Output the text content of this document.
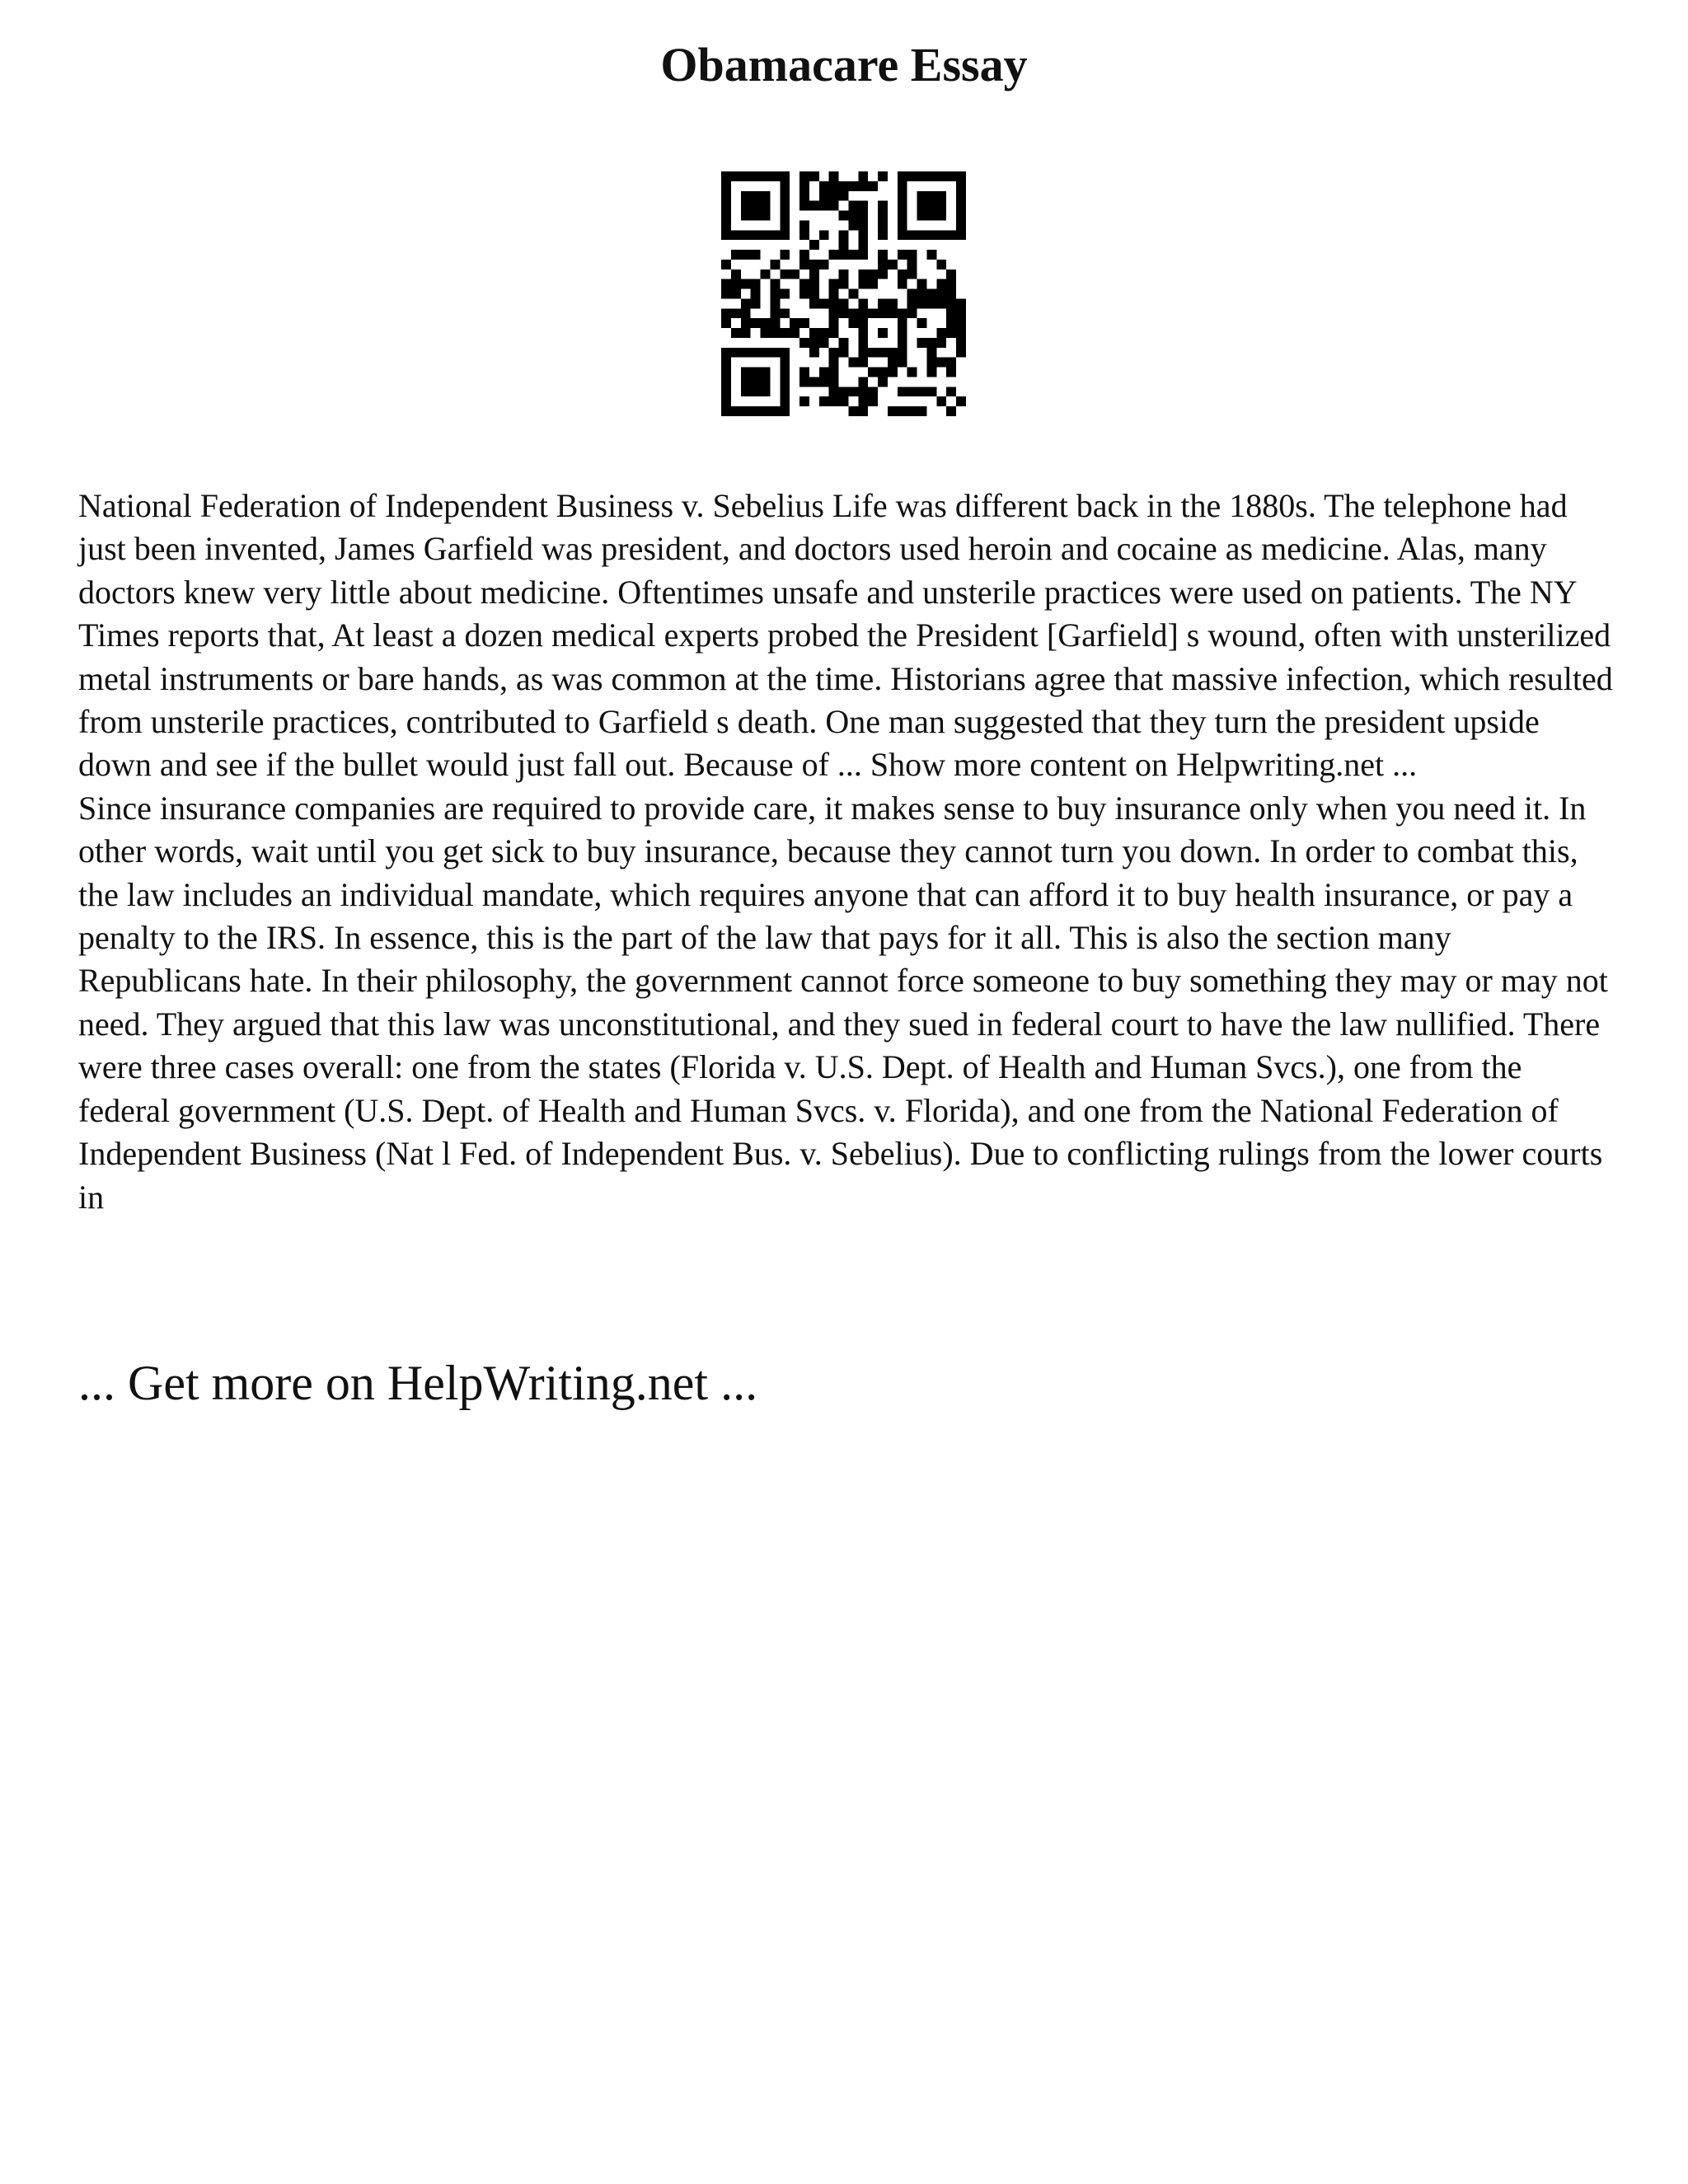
Obamacare Essay

National Federation of Independent Business v. Sebelius Life was different back in the 1880s. The telephone had just been invented, James Garfield was president, and doctors used heroin and cocaine as medicine. Alas, many doctors knew very little about medicine. Oftentimes unsafe and unsterile practices were used on patients. The NY Times reports that, At least a dozen medical experts probed the President [Garfield] s wound, often with unsterilized metal instruments or bare hands, as was common at the time. Historians agree that massive infection, which resulted from unsterile practices, contributed to Garfield s death. One man suggested that they turn the president upside down and see if the bullet would just fall out. Because of ... Show more content on Helpwriting.net ...

Since insurance companies are required to provide care, it makes sense to buy insurance only when you need it. In other words, wait until you get sick to buy insurance, because they cannot turn you down. In order to combat this, the law includes an individual mandate, which requires anyone that can afford it to buy health insurance, or pay a penalty to the IRS. In essence, this is the part of the law that pays for it all. This is also the section many Republicans hate. In their philosophy, the government cannot force someone to buy something they may or may not need. They argued that this law was unconstitutional, and they sued in federal court to have the law nullified. There were three cases overall: one from the states (Florida v. U.S. Dept. of Health and Human Svcs.), one from the federal government (U.S. Dept. of Health and Human Svcs. v. Florida), and one from the National Federation of Independent Business (Nat l Fed. of Independent Bus. v. Sebelius). Due to conflicting rulings from the lower courts in

... Get more on HelpWriting.net ...
